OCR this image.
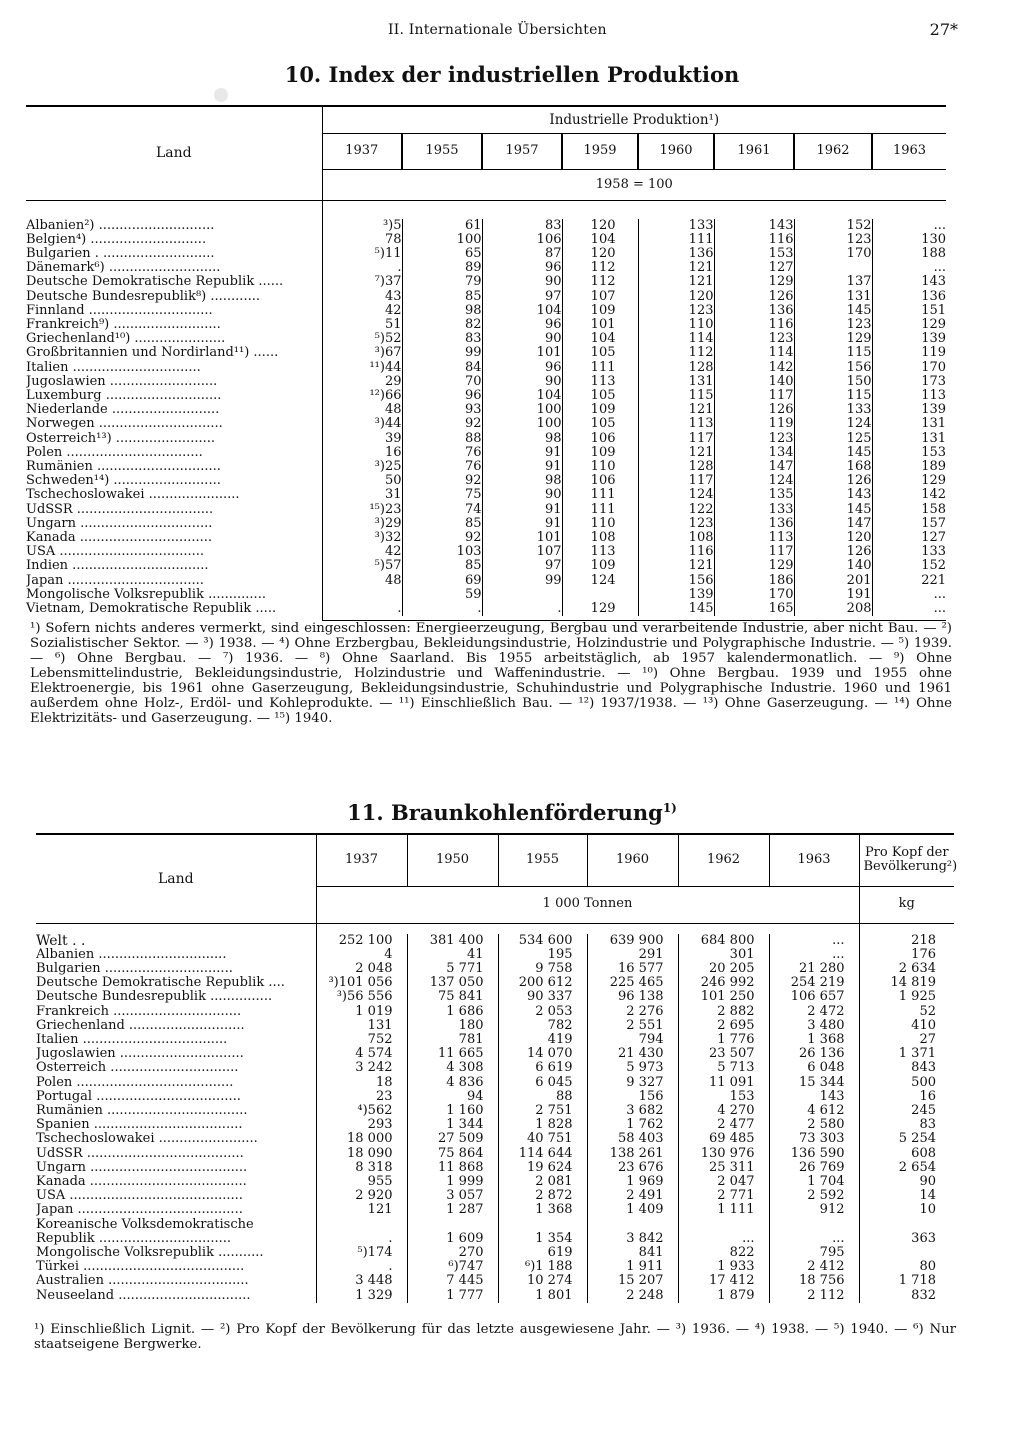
II. Internationale Übersichten	27*
10. Index der industriellen Produktion
Land	Industrielle Produktion¹)							
	1937	1955	1957	1959	1960	1961	1962	1963
	1958 = 100							

Albanien²) ............................	³)5	61	83	120	133	143	152	...
Belgien⁴) ............................	78	100	106	104	111	116	123	130
Bulgarien . ...........................	⁵)11	65	87	120	136	153	170	188
Dänemark⁶) ...........................	.	89	96	112	121	127		...
Deutsche Demokratische Republik ......	⁷)37	79	90	112	121	129	137	143
Deutsche Bundesrepublik⁸) ............	43	85	97	107	120	126	131	136
Finnland ..............................	42	98	104	109	123	136	145	151
Frankreich⁹) ..........................	51	82	96	101	110	116	123	129
Griechenland¹⁰) ......................	⁵)52	83	90	104	114	123	129	139
Großbritannien und Nordirland¹¹) ......	³)67	99	101	105	112	114	115	119
Italien ...............................	¹¹)44	84	96	111	128	142	156	170
Jugoslawien ..........................	29	70	90	113	131	140	150	173
Luxemburg ............................	¹²)66	96	104	105	115	117	115	113
Niederlande ..........................	48	93	100	109	121	126	133	139
Norwegen ..............................	³)44	92	100	105	113	119	124	131
Österreich¹³) ........................	39	88	98	106	117	123	125	131
Polen .................................	16	76	91	109	121	134	145	153
Rumänien ..............................	³)25	76	91	110	128	147	168	189
Schweden¹⁴) ..........................	50	92	98	106	117	124	126	129
Tschechoslowakei ......................	31	75	90	111	124	135	143	142
UdSSR .................................	¹⁵)23	74	91	111	122	133	145	158
Ungarn ................................	³)29	85	91	110	123	136	147	157
Kanada ................................	³)32	92	101	108	108	113	120	127
USA ...................................	42	103	107	113	116	117	126	133
Indien .................................	⁵)57	85	97	109	121	129	140	152
Japan .................................	48	69	99	124	156	186	201	221
Mongolische Volksrepublik ..............		59			139	170	191	...
Vietnam, Demokratische Republik .....	.	.	.	129	145	165	208	...

¹) Sofern nichts anderes vermerkt, sind eingeschlossen: Energieerzeugung, Bergbau und verarbeitende Industrie, aber nicht Bau. — ²) Sozialistischer Sektor. — ³) 1938. — ⁴) Ohne Erzbergbau, Bekleidungsindustrie, Holzindustrie und Polygraphische Industrie. — ⁵) 1939. — ⁶) Ohne Bergbau. — ⁷) 1936. — ⁸) Ohne Saarland. Bis 1955 arbeitstäglich, ab 1957 kalendermonatlich. — ⁹) Ohne Lebensmittelindustrie, Bekleidungsindustrie, Holzindustrie und Waffenindustrie. — ¹⁰) Ohne Bergbau. 1939 und 1955 ohne Elektroenergie, bis 1961 ohne Gaserzeugung, Bekleidungsindustrie, Schuhindustrie und Polygraphische Industrie. 1960 und 1961 außerdem ohne Holz-, Erdöl- und Kohleprodukte. — ¹¹) Einschließlich Bau. — ¹²) 1937/1938. — ¹³) Ohne Gaserzeugung. — ¹⁴) Ohne Elektrizitäts- und Gaserzeugung. — ¹⁵) 1940.
11. Braunkohlenförderung$^{1)}$
Land	1937	1950	1955	1960	1962	1963	Pro Kopf der Bevölkerung²)
	1 000 Tonnen						kg

Welt . .	252 100	381 400	534 600	639 900	684 800	...	218
Albanien ...............................	4	41	195	291	301	...	176
Bulgarien ...............................	2 048	5 771	9 758	16 577	20 205	21 280	2 634
Deutsche Demokratische Republik ....	³)101 056	137 050	200 612	225 465	246 992	254 219	14 819
Deutsche Bundesrepublik ...............	³)56 556	75 841	90 337	96 138	101 250	106 657	1 925
Frankreich ...............................	1 019	1 686	2 053	2 276	2 882	2 472	52
Griechenland ............................	131	180	782	2 551	2 695	3 480	410
Italien ...................................	752	781	419	794	1 776	1 368	27
Jugoslawien ..............................	4 574	11 665	14 070	21 430	23 507	26 136	1 371
Österreich ...............................	3 242	4 308	6 619	5 973	5 713	6 048	843
Polen ......................................	18	4 836	6 045	9 327	11 091	15 344	500
Portugal ...................................	23	94	88	156	153	143	16
Rumänien ..................................	⁴)562	1 160	2 751	3 682	4 270	4 612	245
Spanien ....................................	293	1 344	1 828	1 762	2 477	2 580	83
Tschechoslowakei ........................	18 000	27 509	40 751	58 403	69 485	73 303	5 254
UdSSR ......................................	18 090	75 864	114 644	138 261	130 976	136 590	608
Ungarn ......................................	8 318	11 868	19 624	23 676	25 311	26 769	2 654
Kanada ......................................	955	1 999	2 081	1 969	2 047	1 704	90
USA ..........................................	2 920	3 057	2 872	2 491	2 771	2 592	14
Japan ........................................	121	1 287	1 368	1 409	1 111	912	10
Koreanische Volksdemokratische							
Republik ................................	.	1 609	1 354	3 842	...	...	363
Mongolische Volksrepublik ...........	⁵)174	270	619	841	822	795	
Türkei .......................................	.	⁶)747	⁶)1 188	1 911	1 933	2 412	80
Australien ..................................	3 448	7 445	10 274	15 207	17 412	18 756	1 718
Neuseeland ................................	1 329	1 777	1 801	2 248	1 879	2 112	832
¹) Einschließlich Lignit. — ²) Pro Kopf der Bevölkerung für das letzte ausgewiesene Jahr. — ³) 1936. — ⁴) 1938. — ⁵) 1940. — ⁶) Nur staatseigene Bergwerke.
